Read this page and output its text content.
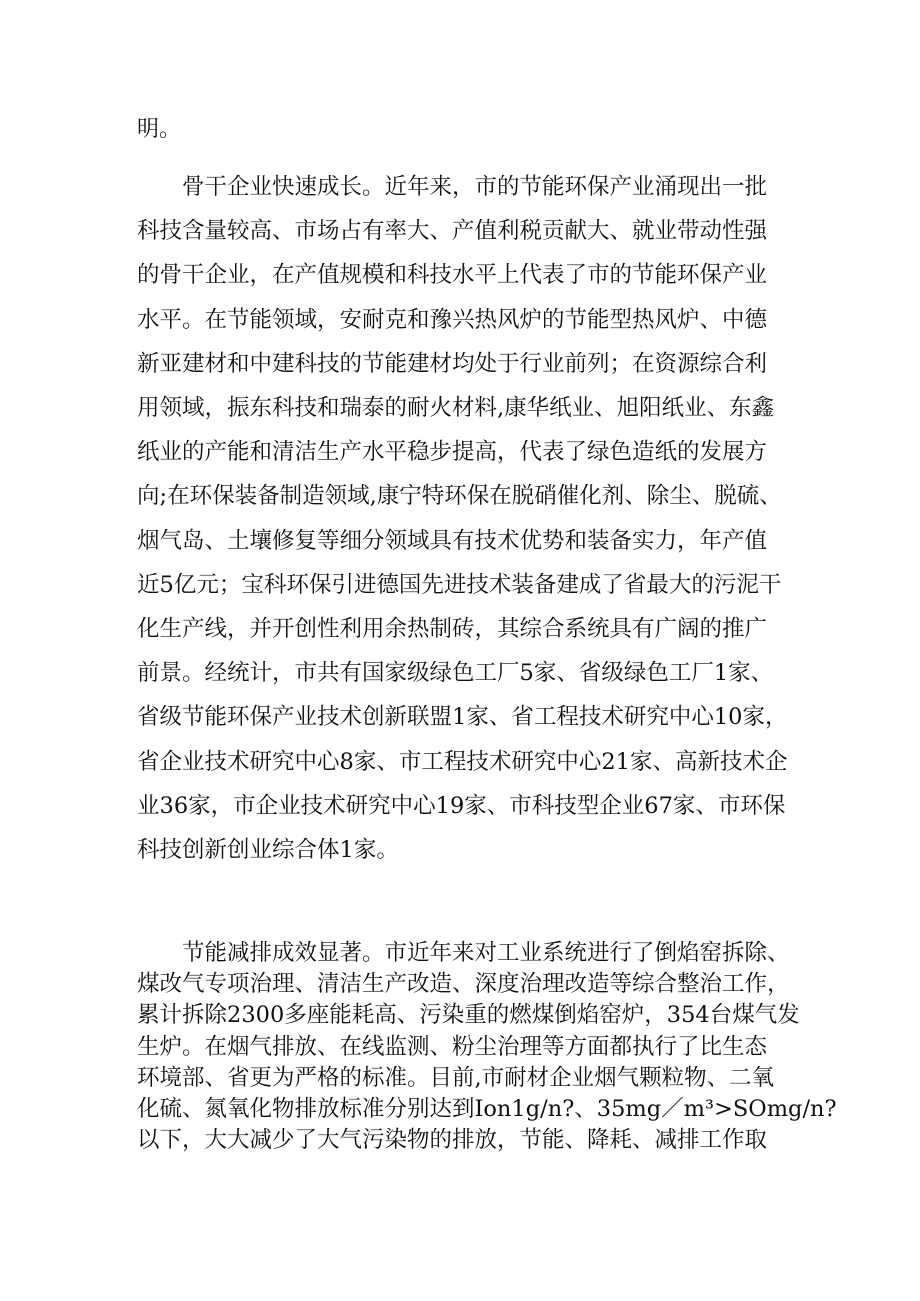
明。
　　骨干企业快速成长。近年来，市的节能环保产业涌现出一批
科技含量较高、市场占有率大、产值利税贡献大、就业带动性强
的骨干企业，在产值规模和科技水平上代表了市的节能环保产业
水平。在节能领域，安耐克和豫兴热风炉的节能型热风炉、中德
新亚建材和中建科技的节能建材均处于行业前列；在资源综合利
用领域，振东科技和瑞泰的耐火材料,康华纸业、旭阳纸业、东鑫
纸业的产能和清洁生产水平稳步提高，代表了绿色造纸的发展方
向;在环保装备制造领域,康宁特环保在脱硝催化剂、除尘、脱硫、
烟气岛、土壤修复等细分领域具有技术优势和装备实力，年产值
近5亿元；宝科环保引进德国先进技术装备建成了省最大的污泥干
化生产线，并开创性利用余热制砖，其综合系统具有广阔的推广
前景。经统计，市共有国家级绿色工厂5家、省级绿色工厂1家、
省级节能环保产业技术创新联盟1家、省工程技术研究中心10家，
省企业技术研究中心8家、市工程技术研究中心21家、高新技术企
业36家，市企业技术研究中心19家、市科技型企业67家、市环保
科技创新创业综合体1家。
　　节能减排成效显著。市近年来对工业系统进行了倒焰窑拆除、
煤改气专项治理、清洁生产改造、深度治理改造等综合整治工作，
累计拆除2300多座能耗高、污染重的燃煤倒焰窑炉，354台煤气发
生炉。在烟气排放、在线监测、粉尘治理等方面都执行了比生态
环境部、省更为严格的标准。目前,市耐材企业烟气颗粒物、二氧
化硫、氮氧化物排放标准分别达到Ion1g/n?、35mg／m³>SOmg/n?
以下，大大减少了大气污染物的排放，节能、降耗、减排工作取
